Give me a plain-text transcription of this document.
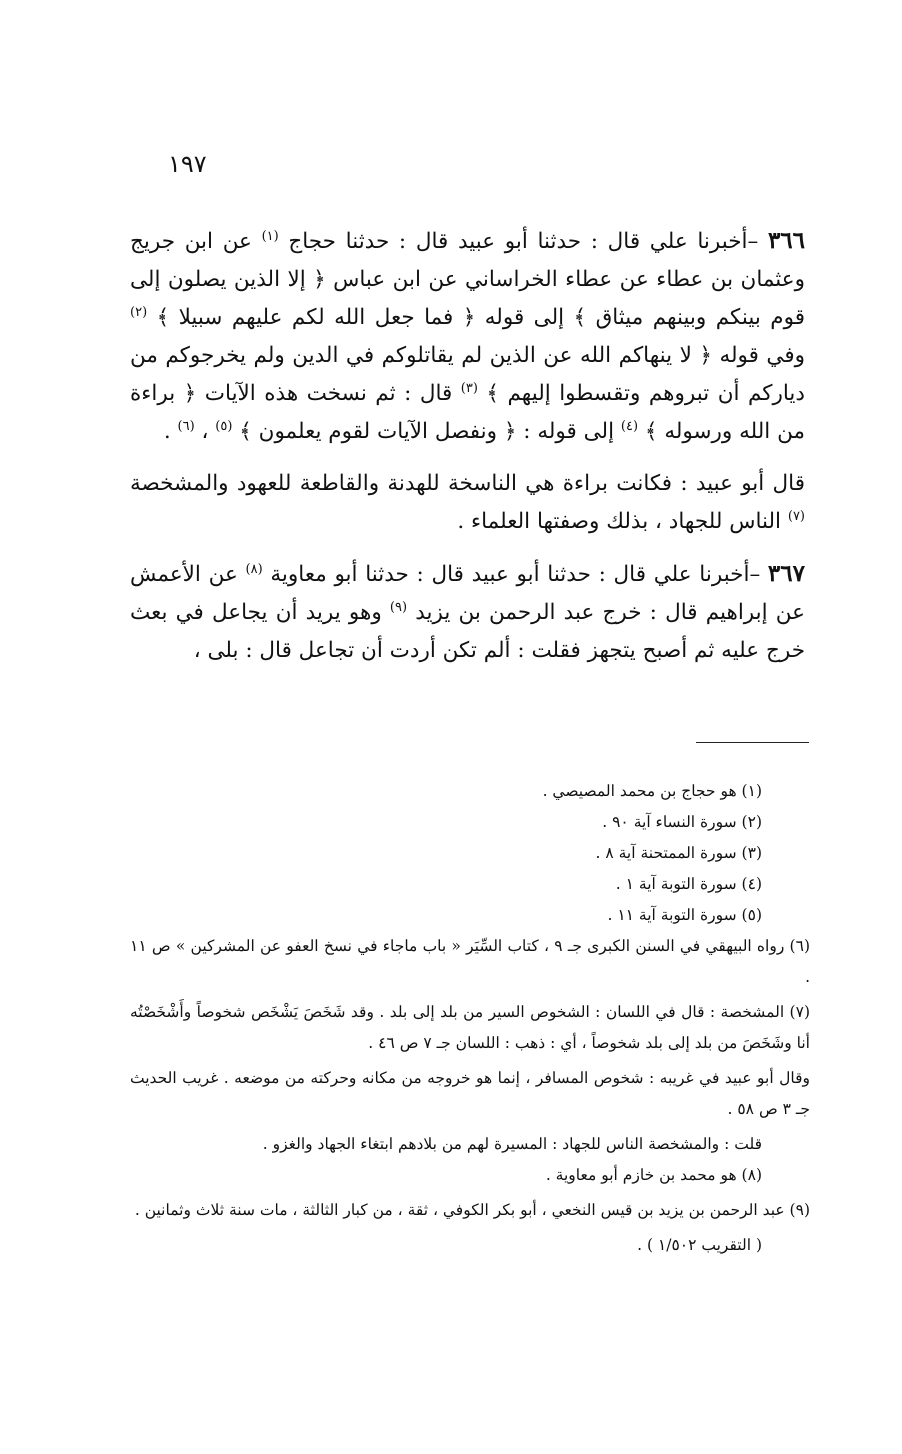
١٩٧

٣٦٦ –أخبرنا علي قال : حدثنا أبو عبيد قال : حدثنا حجاج $^{(١)}$ عن ابن جريج وعثمان بن عطاء عن عطاء الخراساني عن ابن عباس ﴿ إلا الذين يصلون إلى قوم بينكم وبينهم ميثاق ﴾ إلى قوله ﴿ فما جعل الله لكم عليهم سبيلا ﴾ $^{(٢)}$ وفي قوله ﴿ لا ينهاكم الله عن الذين لم يقاتلوكم في الدين ولم يخرجوكم من دياركم أن تبروهم وتقسطوا إليهم ﴾ $^{(٣)}$ قال : ثم نسخت هذه الآيات ﴿ براءة من الله ورسوله ﴾ $^{(٤)}$ إلى قوله : ﴿ ونفصل الآيات لقوم يعلمون ﴾ $^{(٥)}$ ، $^{(٦)}$ .

قال أبو عبيد : فكانت براءة هي الناسخة للهدنة والقاطعة للعهود والمشخصة $^{(٧)}$ الناس للجهاد ، بذلك وصفتها العلماء .

٣٦٧ –أخبرنا علي قال : حدثنا أبو عبيد قال : حدثنا أبو معاوية $^{(٨)}$ عن الأعمش عن إبراهيم قال : خرج عبد الرحمن بن يزيد $^{(٩)}$ وهو يريد أن يجاعل في بعث خرج عليه ثم أصبح يتجهز فقلت : ألم تكن أردت أن تجاعل قال : بلى ،

(١) هو حجاج بن محمد المصيصي .

(٢) سورة النساء آية ٩٠ .

(٣) سورة الممتحنة آية ٨ .

(٤) سورة التوبة آية ١ .

(٥) سورة التوبة آية ١١ .

(٦) رواه البيهقي في السنن الكبرى جـ ٩ ، كتاب السِّيَر « باب ماجاء في نسخ العفو عن المشركين » ص ١١ .

(٧) المشخصة : قال في اللسان : الشخوص السير من بلد إلى بلد . وقد شَخَصَ يَشْخَص شخوصاً وأَشْخَصْتُه أنا وشَخَصَ من بلد إلى بلد شخوصاً ، أي : ذهب : اللسان جـ ٧ ص ٤٦ .

وقال أبو عبيد في غريبه : شخوص المسافر ، إنما هو خروجه من مكانه وحركته من موضعه . غريب الحديث جـ ٣ ص ٥٨ .

قلت : والمشخصة الناس للجهاد : المسيرة لهم من بلادهم ابتغاء الجهاد والغزو .

(٨) هو محمد بن خازم أبو معاوية .

(٩) عبد الرحمن بن يزيد بن قيس النخعي ، أبو بكر الكوفي ، ثقة ، من كبار الثالثة ، مات سنة ثلاث وثمانين .

( التقريب ١/٥٠٢ ) .
